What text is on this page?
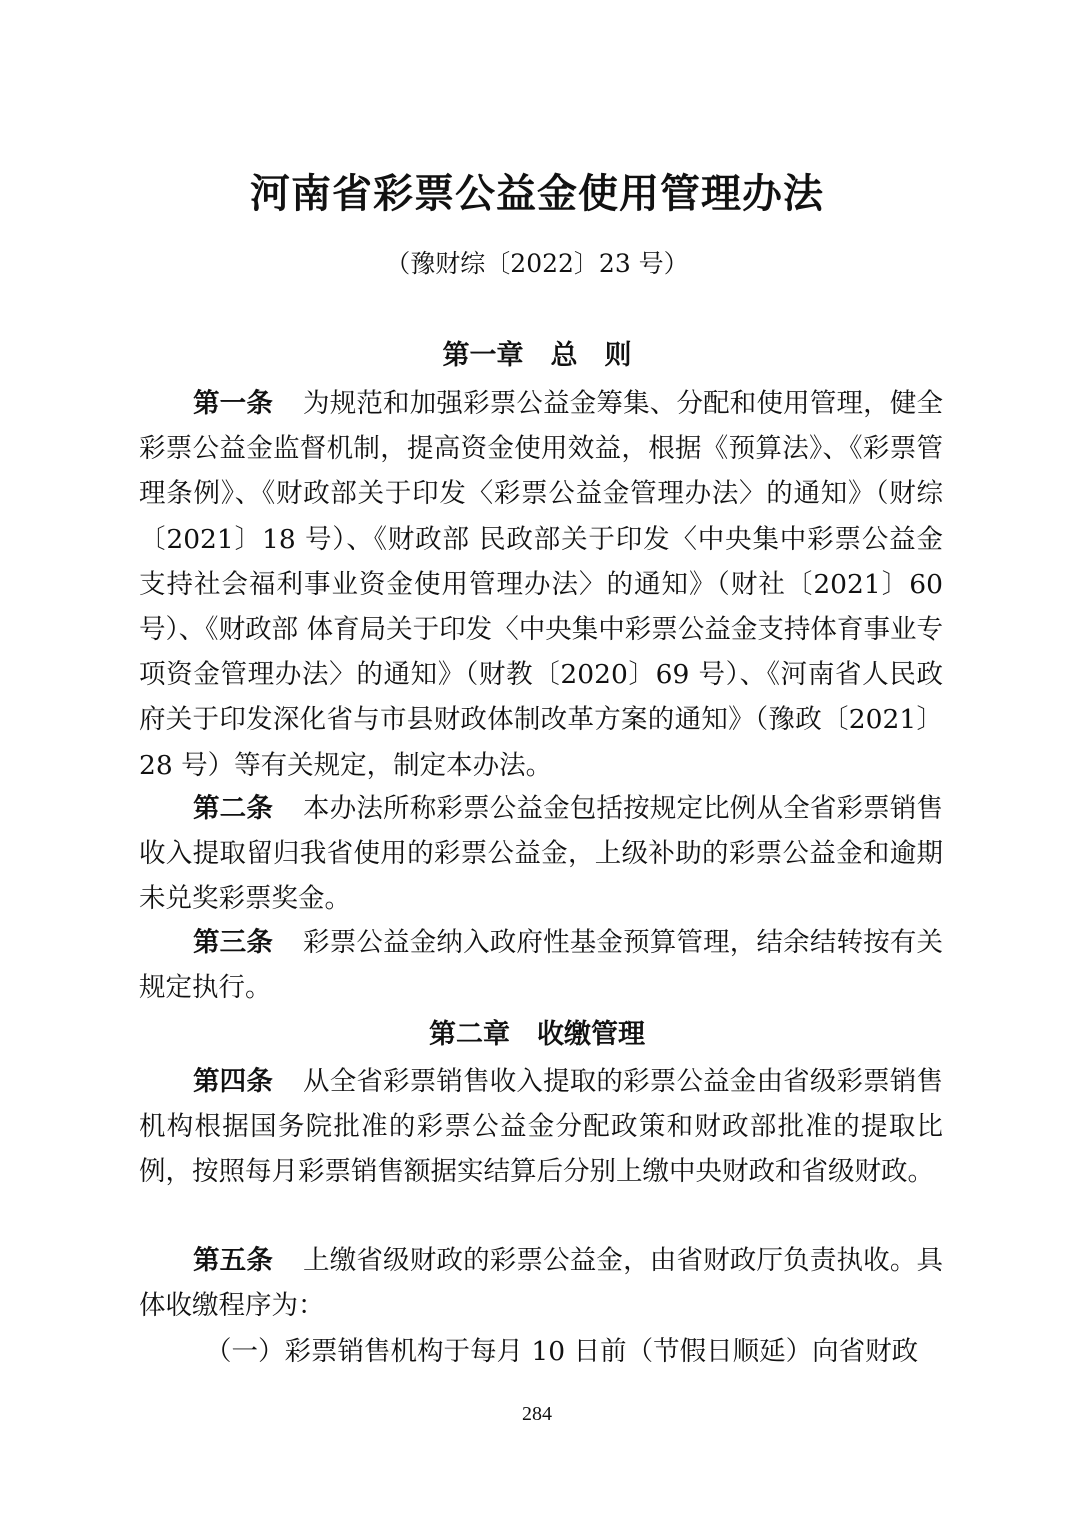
河南省彩票公益金使用管理办法
（豫财综〔2022〕23 号）
第一章　总　则

第一条 为规范和加强彩票公益金筹集、分配和使用管理，健全彩票公益金监督机制，提高资金使用效益，根据《预算法》、《彩票管理条例》、《财政部关于印发〈彩票公益金管理办法〉的通知》（财综〔2021〕18 号）、《财政部 民政部关于印发〈中央集中彩票公益金支持社会福利事业资金使用管理办法〉的通知》（财社〔2021〕60 号）、《财政部 体育局关于印发〈中央集中彩票公益金支持体育事业专项资金管理办法〉的通知》（财教〔2020〕69 号）、《河南省人民政府关于印发深化省与市县财政体制改革方案的通知》（豫政〔2021〕28 号）等有关规定，制定本办法。

第二条 本办法所称彩票公益金包括按规定比例从全省彩票销售收入提取留归我省使用的彩票公益金，上级补助的彩票公益金和逾期未兑奖彩票奖金。

第三条 彩票公益金纳入政府性基金预算管理，结余结转按有关规定执行。

第二章　收缴管理

第四条 从全省彩票销售收入提取的彩票公益金由省级彩票销售机构根据国务院批准的彩票公益金分配政策和财政部批准的提取比例，按照每月彩票销售额据实结算后分别上缴中央财政和省级财政。

第五条 上缴省级财政的彩票公益金，由省财政厅负责执收。具体收缴程序为：

（一）彩票销售机构于每月 10 日前（节假日顺延）向省财政

284
